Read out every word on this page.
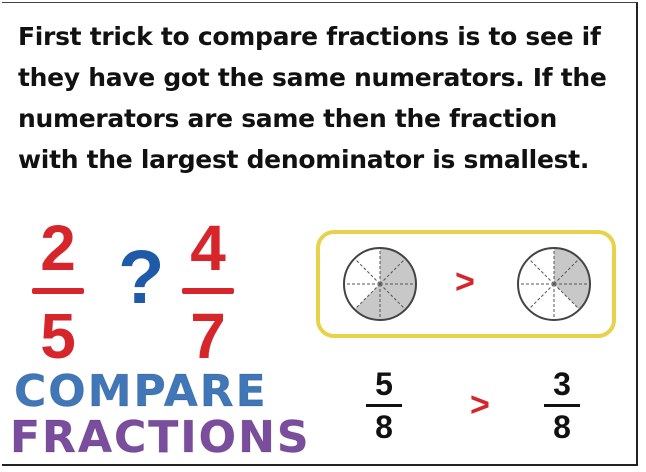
First trick to compare fractions is to see if they have got the same numerators. If the numerators are same then the fraction with the largest denominator is smallest.

2
5
? 4
7
>
5
8
>
3
8
COMPARE
FRACTIONS
